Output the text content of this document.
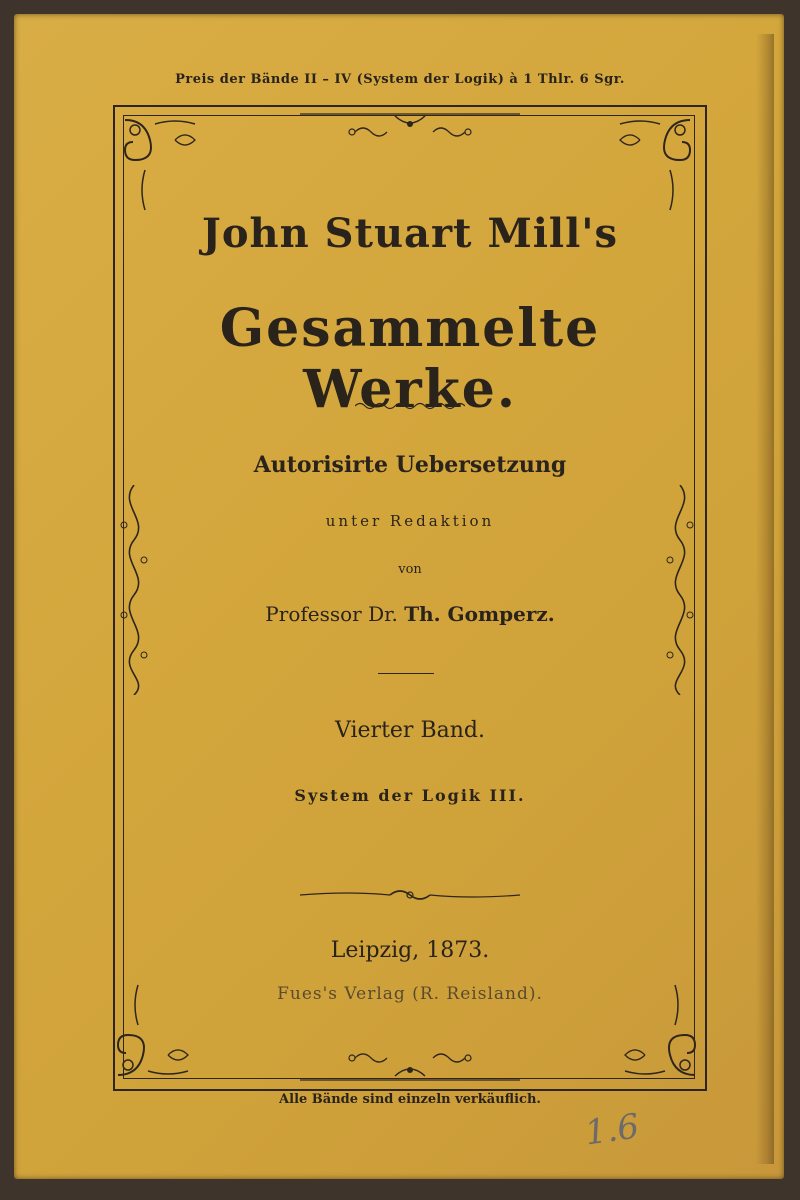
Preis der Bände II – IV (System der Logik) à 1 Thlr. 6 Sgr.
John Stuart Mill's
Gesammelte Werke.
Autorisirte Uebersetzung
unter Redaktion
von
Professor Dr. Th. Gomperz.
Vierter Band.
System der Logik III.
Leipzig, 1873.
Fues's Verlag (R. Reisland).
Alle Bände sind einzeln verkäuflich.
1.6
